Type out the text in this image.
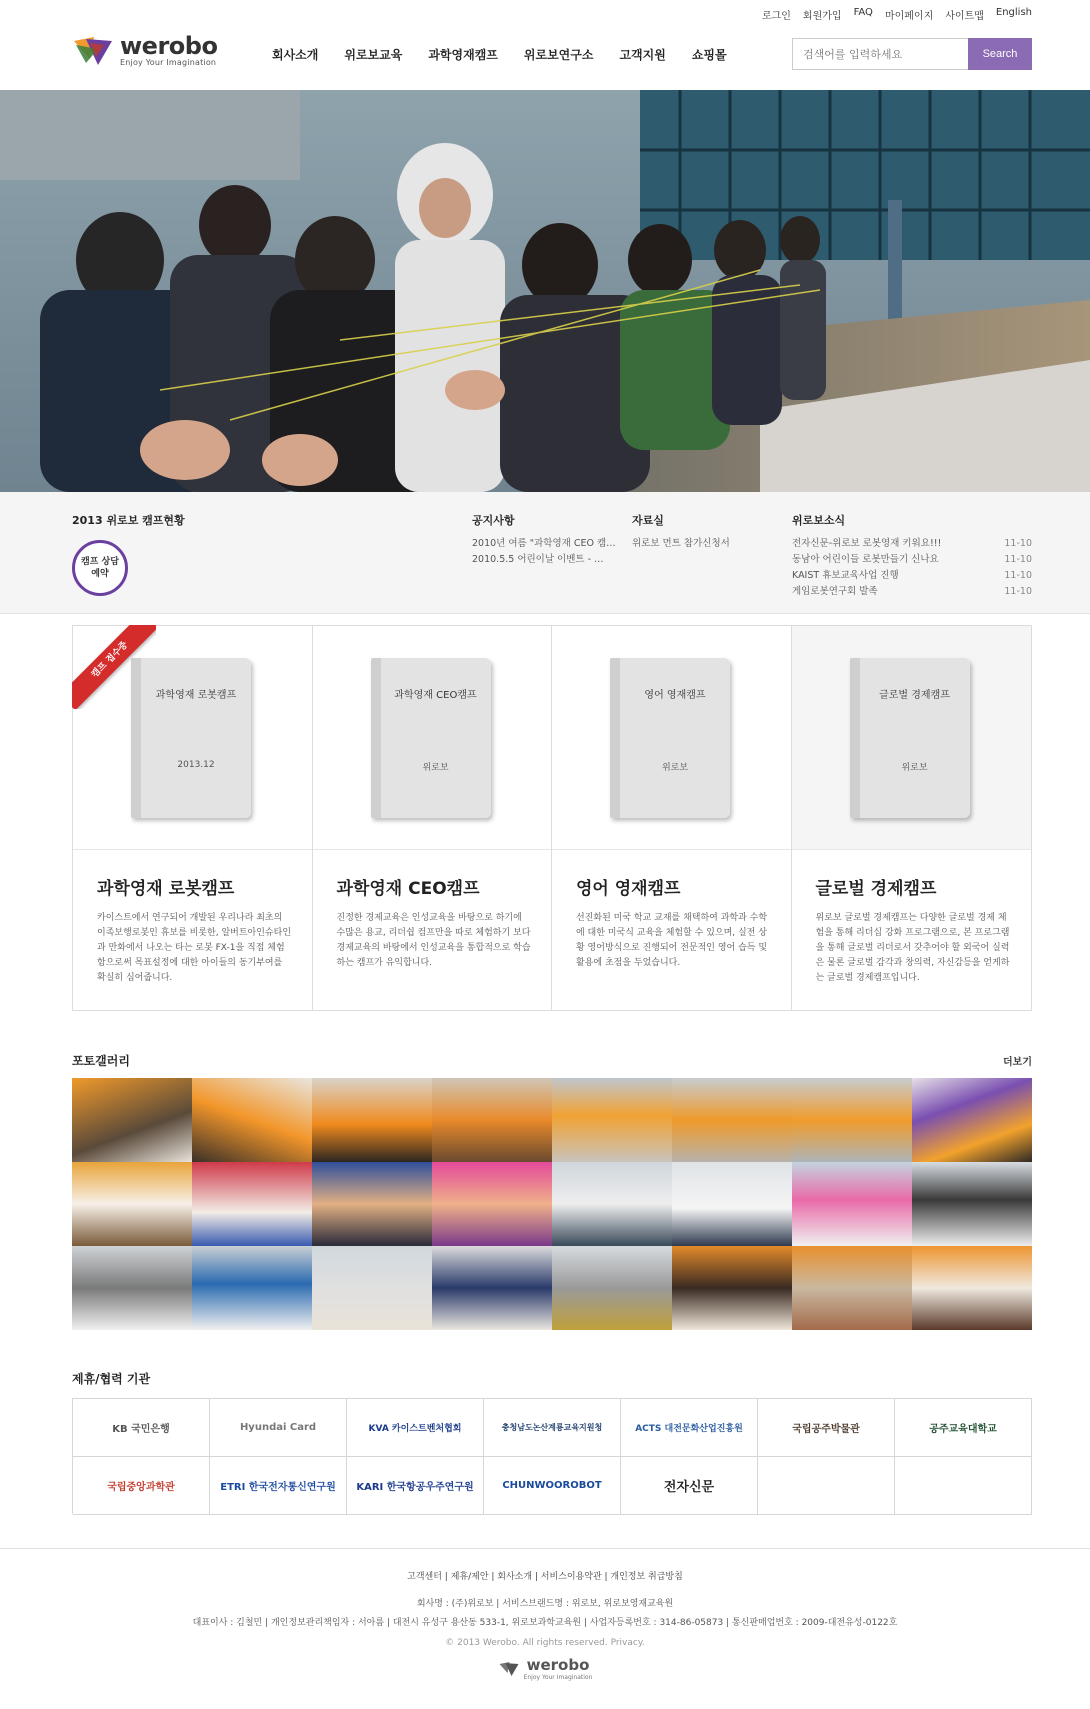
로그인 회원가입 FAQ 마이페이지 사이트맵 English
werobo
Enjoy Your Imagination
회사소개 위로보교육 과학영재캠프 위로보연구소 고객지원 쇼핑몰
검색어를 입력하세요	Search
2013 위로보 캠프현황
캠프 상담예약
공지사항
2010년 여름 "과학영재 CEO 캠…
2010.5.5 어린이날 이벤트 - …
자료실
위로보 먼트 참가신청서
위로보소식
전자신문-위로보 로봇영재 키워요!!!	11-10
동남아 어린이들 로봇만들기 신나요	11-10
KAIST 휴보교육사업 진행	11-10
게임로봇연구회 발족	11-10
과학영재 로봇캠프
2013.12
과학영재 로봇캠프
카이스트에서 연구되어 개발된 우리나라 최초의 이족보행로봇인 휴보를 비롯한, 알버트아인슈타인과 만화에서 나오는 타는 로봇 FX-1을 직접 체험함으로써 목표설정에 대한 아이들의 동기부여를 확실히 심어줍니다.
과학영재 CEO캠프
위로보
과학영재 CEO캠프
진정한 경제교육은 인성교육을 바탕으로 하기에 수많은 용교, 리더쉽 컴프만을 따로 체험하기 보다 경제교육의 바탕에서 인성교육을 통합적으로 학습하는 캠프가 유익합니다.
영어 영재캠프
위로보
영어 영재캠프
선진화된 미국 학교 교재를 채택하여 과학과 수학에 대한 미국식 교육을 체험할 수 있으며, 실전 상황 영어방식으로 진행되어 전문적인 영어 습득 및 활용에 초점을 두었습니다.
글로벌 경제캠프
위로보
글로벌 경제캠프
위로보 글로벌 경제캠프는 다양한 글로벌 경제 체험을 통해 리더십 강화 프로그램으로, 본 프로그램을 통해 글로벌 리더로서 갖추어야 할 외국어 실력은 물론 글로벌 감각과 창의력, 자신감등을 얻게하는 글로벌 경제캠프입니다.
캠프 접수중
포토갤러리	더보기
제휴/협력 기관
KB 국민은행	Hyundai Card	KVA 카이스트벤처협회	충청남도논산계룡교육지원청	ACTS 대전문화산업진흥원	국립공주박물관	공주교육대학교
국립중앙과학관	ETRI 한국전자통신연구원	KARI 한국항공우주연구원	CHUNWOOROBOT	전자신문
고객센터 | 제휴/제안 | 회사소개 | 서비스이용약관 | 개인정보 취급방침
회사명 : (주)위로보 | 서비스브랜드명 : 위로보, 위로보영재교육원
대표이사 : 김철민 | 개인정보관리책임자 : 서아름 | 대전시 유성구 용산동 533-1, 위로보과학교육원 | 사업자등록번호 : 314-86-05873 | 통신판매업번호 : 2009-대전유성-0122호
© 2013 Werobo. All rights reserved. Privacy.
werobo
Enjoy Your Imagination
